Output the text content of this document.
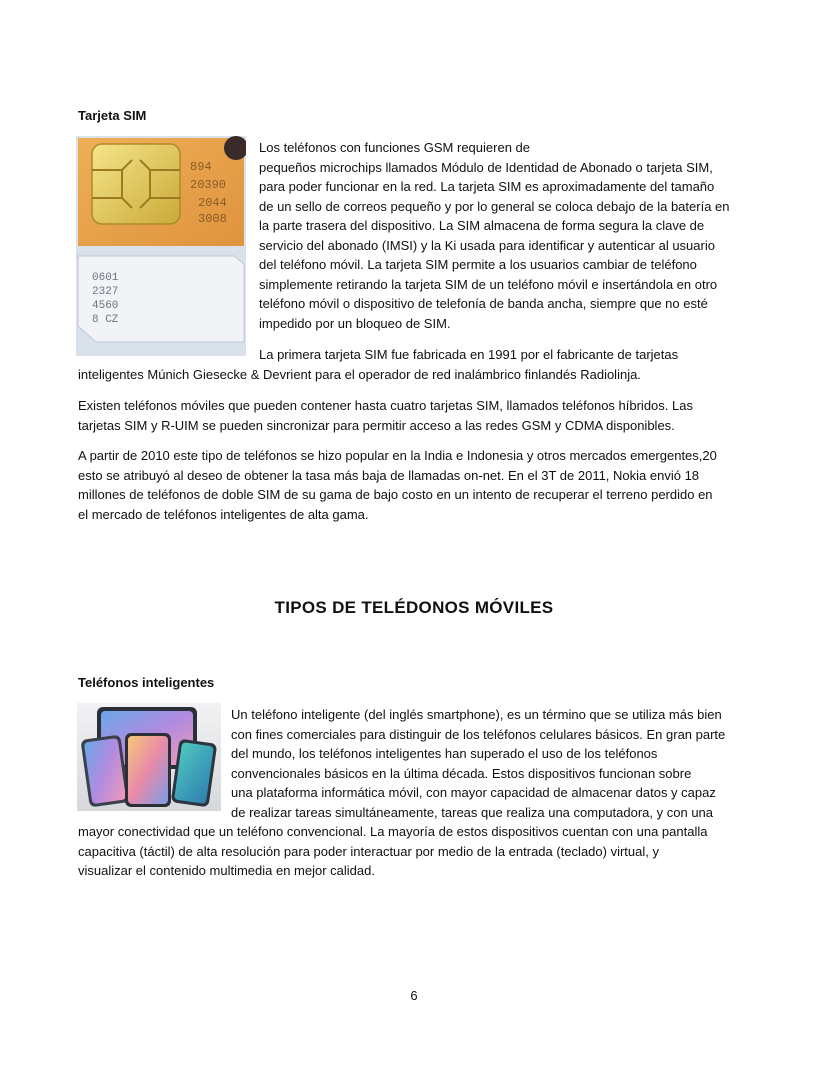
Tarjeta SIM
894
20390
2044
3008
0601
2327
4560
8 CZ

Los teléfonos con funciones GSM requieren de

pequeños microchips llamados Módulo de Identidad de Abonado o tarjeta SIM,

para poder funcionar en la red. La tarjeta SIM es aproximadamente del tamaño

de un sello de correos pequeño y por lo general se coloca debajo de la batería en

la parte trasera del dispositivo. La SIM almacena de forma segura la clave de

servicio del abonado (IMSI) y la Ki usada para identificar y autenticar al usuario

del teléfono móvil. La tarjeta SIM permite a los usuarios cambiar de teléfono

simplemente retirando la tarjeta SIM de un teléfono móvil e insertándola en otro

teléfono móvil o dispositivo de telefonía de banda ancha, siempre que no esté

impedido por un bloqueo de SIM.

La primera tarjeta SIM fue fabricada en 1991 por el fabricante de tarjetas
inteligentes Múnich Giesecke & Devrient para el operador de red inalámbrico finlandés Radiolinja.

Existen teléfonos móviles que pueden contener hasta cuatro tarjetas SIM, llamados teléfonos híbridos. Las

tarjetas SIM y R-UIM se pueden sincronizar para permitir acceso a las redes GSM y CDMA disponibles.

A partir de 2010 este tipo de teléfonos se hizo popular en la India e Indonesia y otros mercados emergentes,20

esto se atribuyó al deseo de obtener la tasa más baja de llamadas on-net. En el 3T de 2011, Nokia envió 18

millones de teléfonos de doble SIM de su gama de bajo costo en un intento de recuperar el terreno perdido en

el mercado de teléfonos inteligentes de alta gama.

TIPOS DE TELÉDONOS MÓVILES
Teléfonos inteligentes

Un teléfono inteligente (del inglés smartphone), es un término que se utiliza más bien

con fines comerciales para distinguir de los teléfonos celulares básicos. En gran parte

del mundo, los teléfonos inteligentes han superado el uso de los teléfonos

convencionales básicos en la última década. Estos dispositivos funcionan sobre

una plataforma informática móvil, con mayor capacidad de almacenar datos y capaz

de realizar tareas simultáneamente, tareas que realiza una computadora, y con una

mayor conectividad que un teléfono convencional. La mayoría de estos dispositivos cuentan con una pantalla

capacitiva (táctil) de alta resolución para poder interactuar por medio de la entrada (teclado) virtual, y

visualizar el contenido multimedia en mejor calidad.

6
